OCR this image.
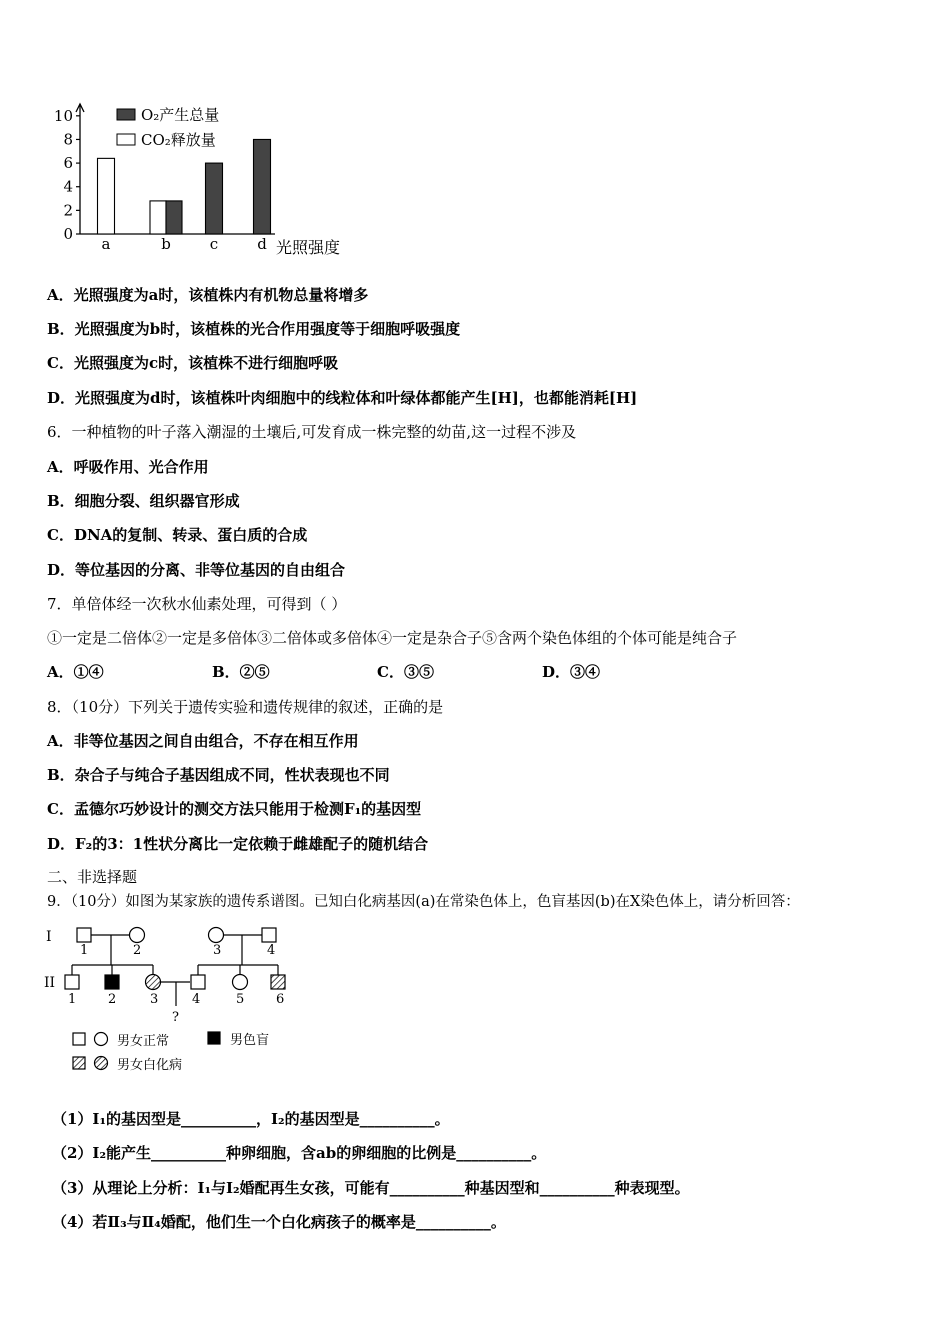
0
2
4
6
8
10
a	b	c	d
O₂产生总量
CO₂释放量
光照强度
A．光照强度为a时，该植株内有机物总量将增多
B．光照强度为b时，该植株的光合作用强度等于细胞呼吸强度
C．光照强度为c时，该植株不进行细胞呼吸
D．光照强度为d时，该植株叶肉细胞中的线粒体和叶绿体都能产生[H]，也都能消耗[H]
6．一种植物的叶子落入潮湿的土壤后,可发育成一株完整的幼苗,这一过程不涉及
A．呼吸作用、光合作用
B．细胞分裂、组织器官形成
C．DNA的复制、转录、蛋白质的合成
D．等位基因的分离、非等位基因的自由组合
7．单倍体经一次秋水仙素处理，可得到（ ）
①一定是二倍体②一定是多倍体③二倍体或多倍体④一定是杂合子⑤含两个染色体组的个体可能是纯合子
A．①④	B．②⑤	C．③⑤	D．③④
8．（10分）下列关于遗传实验和遗传规律的叙述，正确的是
A．非等位基因之间自由组合，不存在相互作用
B．杂合子与纯合子基因组成不同，性状表现也不同
C．孟德尔巧妙设计的测交方法只能用于检测F₁的基因型
D．F₂的3：1性状分离比一定依赖于雌雄配子的随机结合
二、非选择题
9．（10分）如图为某家族的遗传系谱图。已知白化病基因(a)在常染色体上，色盲基因(b)在X染色体上，请分析回答：
I
II
1	2	3	4
1 2	3	4	5 6
?
男女正常	男色盲
男女白化病
（1）Ⅰ₁的基因型是__________，Ⅰ₂的基因型是__________。
（2）Ⅰ₂能产生__________种卵细胞，含ab的卵细胞的比例是__________。
（3）从理论上分析：Ⅰ₁与Ⅰ₂婚配再生女孩，可能有__________种基因型和__________种表现型。
（4）若Ⅱ₃与Ⅱ₄婚配，他们生一个白化病孩子的概率是__________。
